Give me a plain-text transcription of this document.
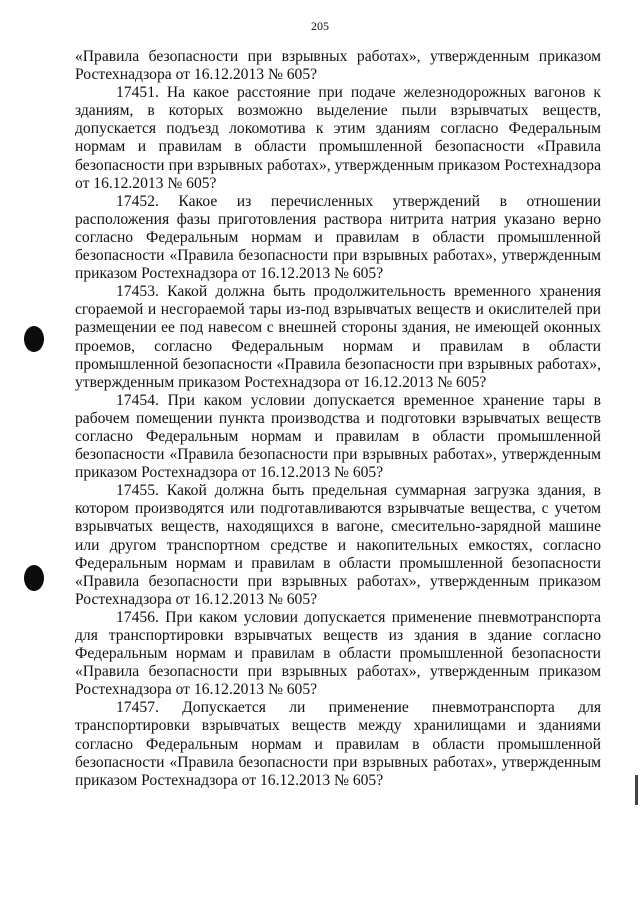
205

«Правила безопасности при взрывных работах», утвержденным приказом Ростехнадзора от 16.12.2013 № 605?

17451. На какое расстояние при подаче железнодорожных вагонов к зданиям, в которых возможно выделение пыли взрывчатых веществ, допускается подъезд локомотива к этим зданиям согласно Федеральным нормам и правилам в области промышленной безопасности «Правила безопасности при взрывных работах», утвержденным приказом Ростехнадзора от 16.12.2013 № 605?

17452. Какое из перечисленных утверждений в отношении расположения фазы приготовления раствора нитрита натрия указано верно согласно Федеральным нормам и правилам в области промышленной безопасности «Правила безопасности при взрывных работах», утвержденным приказом Ростехнадзора от 16.12.2013 № 605?

17453. Какой должна быть продолжительность временного хранения сгораемой и несгораемой тары из-под взрывчатых веществ и окислителей при размещении ее под навесом с внешней стороны здания, не имеющей оконных проемов, согласно Федеральным нормам и правилам в области промышленной безопасности «Правила безопасности при взрывных работах», утвержденным приказом Ростехнадзора от 16.12.2013 № 605?

17454. При каком условии допускается временное хранение тары в рабочем помещении пункта производства и подготовки взрывчатых веществ согласно Федеральным нормам и правилам в области промышленной безопасности «Правила безопасности при взрывных работах», утвержденным приказом Ростехнадзора от 16.12.2013 № 605?

17455. Какой должна быть предельная суммарная загрузка здания, в котором производятся или подготавливаются взрывчатые вещества, с учетом взрывчатых веществ, находящихся в вагоне, смесительно-зарядной машине или другом транспортном средстве и накопительных емкостях, согласно Федеральным нормам и правилам в области промышленной безопасности «Правила безопасности при взрывных работах», утвержденным приказом Ростехнадзора от 16.12.2013 № 605?

17456. При каком условии допускается применение пневмотранспорта для транспортировки взрывчатых веществ из здания в здание согласно Федеральным нормам и правилам в области промышленной безопасности «Правила безопасности при взрывных работах», утвержденным приказом Ростехнадзора от 16.12.2013 № 605?

17457. Допускается ли применение пневмотранспорта для транспортировки взрывчатых веществ между хранилищами и зданиями согласно Федеральным нормам и правилам в области промышленной безопасности «Правила безопасности при взрывных работах», утвержденным приказом Ростехнадзора от 16.12.2013 № 605?
